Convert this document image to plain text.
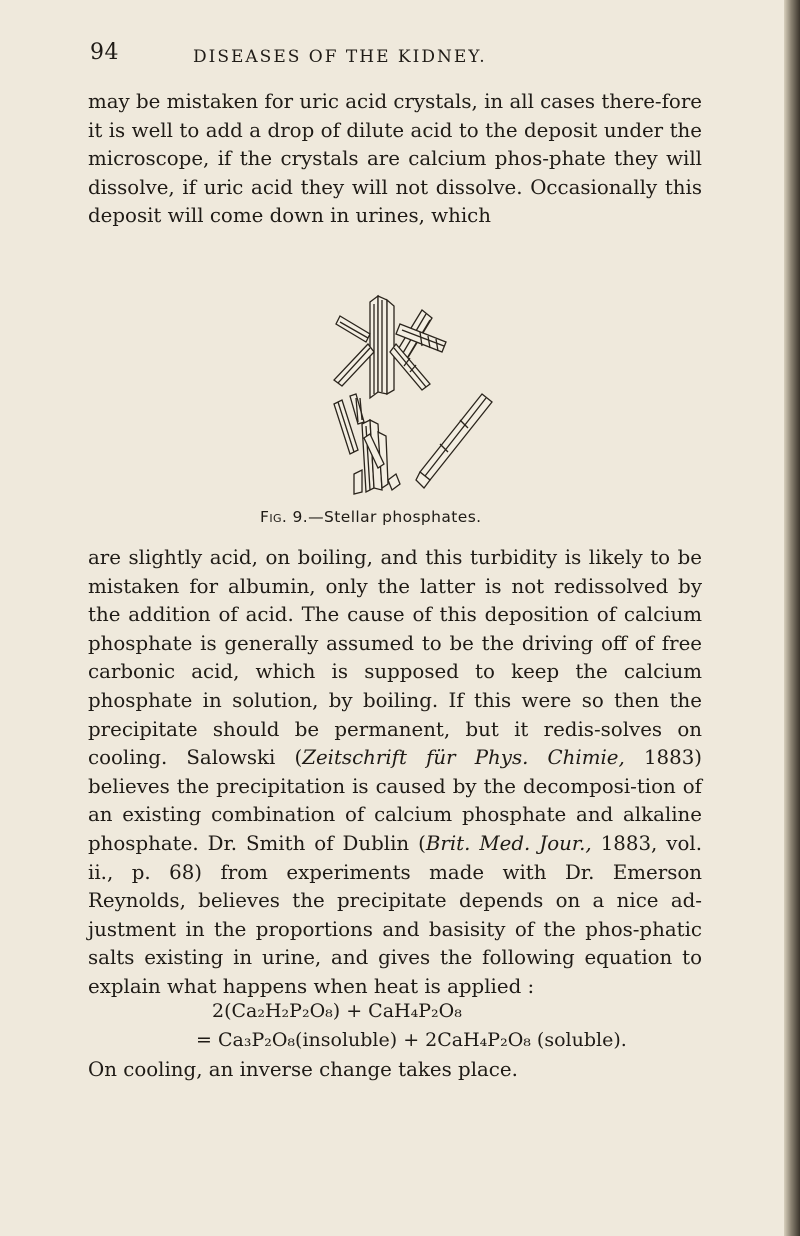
94	DISEASES OF THE KIDNEY.

may be mistaken for uric acid crystals, in all cases there-fore it is well to add a drop of dilute acid to the deposit under the microscope, if the crystals are calcium phos-phate they will dissolve, if uric acid they will not dissolve. Occasionally this deposit will come down in urines, which

Fig. 9.—Stellar phosphates.

are slightly acid, on boiling, and this turbidity is likely to be mistaken for albumin, only the latter is not redissolved by the addition of acid. The cause of this deposition of calcium phosphate is generally assumed to be the driving off of free carbonic acid, which is supposed to keep the calcium phosphate in solution, by boiling. If this were so then the precipitate should be permanent, but it redis-solves on cooling. Salowski (Zeitschrift für Phys. Chimie, 1883) believes the precipitation is caused by the decomposi-tion of an existing combination of calcium phosphate and alkaline phosphate. Dr. Smith of Dublin (Brit. Med. Jour., 1883, vol. ii., p. 68) from experiments made with Dr. Emerson Reynolds, believes the precipitate depends on a nice ad-justment in the proportions and basisity of the phos-phatic salts existing in urine, and gives the following equation to explain what happens when heat is applied :

2(Ca₂H₂P₂O₈) + CaH₄P₂O₈
= Ca₃P₂O₈(insoluble) + 2CaH₄P₂O₈ (soluble).
On cooling, an inverse change takes place.
